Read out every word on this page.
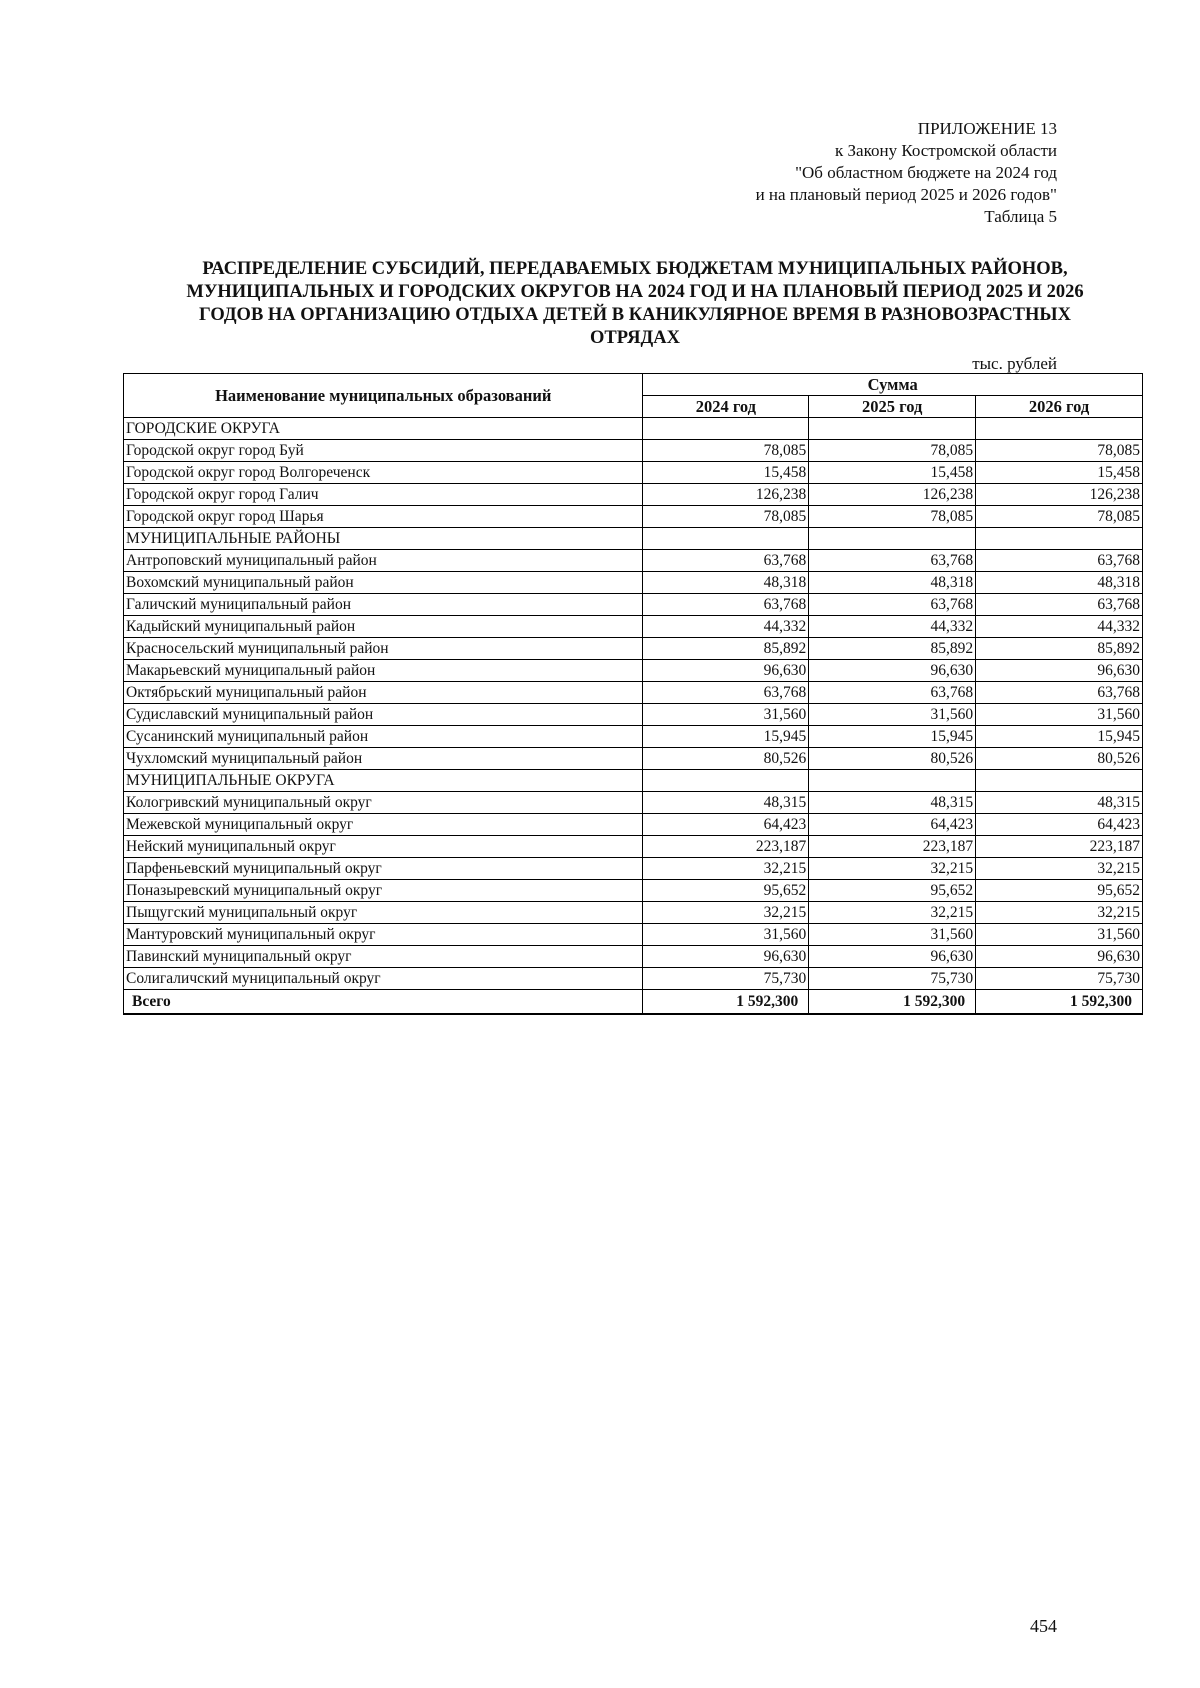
ПРИЛОЖЕНИЕ 13
к Закону Костромской области
"Об областном бюджете на 2024 год
и на плановый период 2025 и 2026 годов"
Таблица 5
РАСПРЕДЕЛЕНИЕ СУБСИДИЙ, ПЕРЕДАВАЕМЫХ БЮДЖЕТАМ МУНИЦИПАЛЬНЫХ РАЙОНОВ,
МУНИЦИПАЛЬНЫХ И ГОРОДСКИХ ОКРУГОВ НА 2024 ГОД И НА ПЛАНОВЫЙ ПЕРИОД 2025 И 2026
ГОДОВ НА ОРГАНИЗАЦИЮ ОТДЫХА ДЕТЕЙ В КАНИКУЛЯРНОЕ ВРЕМЯ В РАЗНОВОЗРАСТНЫХ
ОТРЯДАХ
тыс. рублей
Наименование муниципальных образований	Сумма		
	2024 год	2025 год	2026 год
ГОРОДСКИЕ ОКРУГА			
Городской округ город Буй	78,085	78,085	78,085
Городской округ город Волгореченск	15,458	15,458	15,458
Городской округ город Галич	126,238	126,238	126,238
Городской округ город Шарья	78,085	78,085	78,085
МУНИЦИПАЛЬНЫЕ РАЙОНЫ			
Антроповский муниципальный район	63,768	63,768	63,768
Вохомский муниципальный район	48,318	48,318	48,318
Галичский муниципальный район	63,768	63,768	63,768
Кадыйский муниципальный район	44,332	44,332	44,332
Красносельский муниципальный район	85,892	85,892	85,892
Макарьевский муниципальный район	96,630	96,630	96,630
Октябрьский муниципальный район	63,768	63,768	63,768
Судиславский муниципальный район	31,560	31,560	31,560
Сусанинский муниципальный район	15,945	15,945	15,945
Чухломский муниципальный район	80,526	80,526	80,526
МУНИЦИПАЛЬНЫЕ ОКРУГА			
Кологривский муниципальный округ	48,315	48,315	48,315
Межевской муниципальный округ	64,423	64,423	64,423
Нейский муниципальный округ	223,187	223,187	223,187
Парфеньевский муниципальный округ	32,215	32,215	32,215
Поназыревский муниципальный округ	95,652	95,652	95,652
Пыщугский муниципальный округ	32,215	32,215	32,215
Мантуровский муниципальный округ	31,560	31,560	31,560
Павинский муниципальный округ	96,630	96,630	96,630
Солигаличский муниципальный округ	75,730	75,730	75,730
Всего	1 592,300	1 592,300	1 592,300
454
